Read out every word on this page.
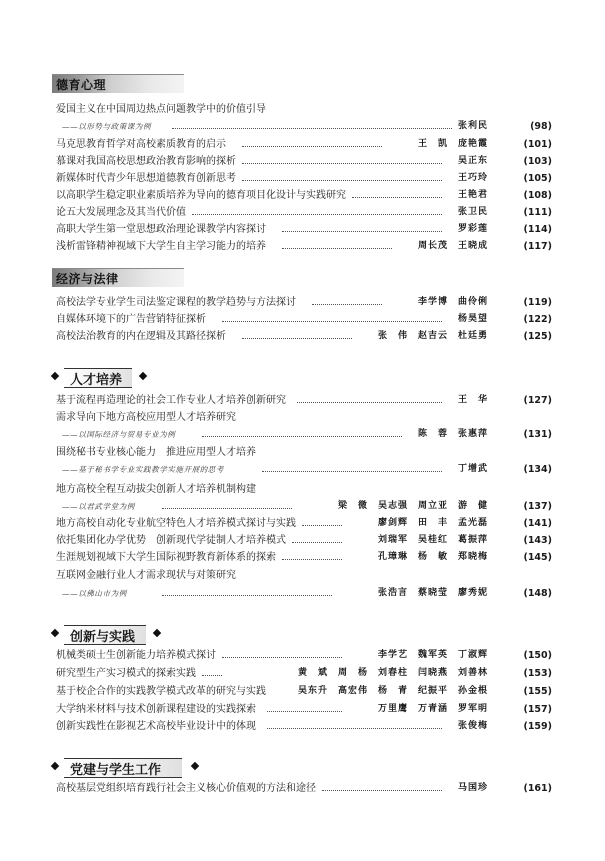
德育心理
爱国主义在中国周边热点问题教学中的价值引导
——以形势与政策课为例	张利民	(98)
马克思教育哲学对高校素质教育的启示	王　凯　庞艳霞	(101)
慕课对我国高校思想政治教育影响的探析	吴正东	(103)
新媒体时代青少年思想道德教育创新思考	王巧玲	(105)
以高职学生稳定职业素质培养为导向的德育项目化设计与实践研究	王艳君	(108)
论五大发展理念及其当代价值	张卫民	(111)
高职大学生第一堂思想政治理论课教学内容探讨	罗彩莲	(114)
浅析雷锋精神视域下大学生自主学习能力的培养	周长茂　王晓成	(117)
经济与法律
高校法学专业学生司法鉴定课程的教学趋势与方法探讨	李学博　曲伶俐	(119)
自媒体环境下的广告营销特征探析	杨昊望	(122)
高校法治教育的内在逻辑及其路径探析	张　伟　赵吉云　杜廷勇	(125)
人才培养
基于流程再造理论的社会工作专业人才培养创新研究	王　华	(127)
需求导向下地方高校应用型人才培养研究
——以国际经济与贸易专业为例	陈　蓉　张惠萍	(131)
围绕秘书专业核心能力　推进应用型人才培养
——基于秘书学专业实践教学实施开展的思考	丁增武	(134)
地方高校全程互动拔尖创新人才培养机制构建
——以君武学堂为例	梁　微　吴志强　周立亚　游　健	(137)
地方高校自动化专业航空特色人才培养模式探讨与实践	廖剑辉　田　丰　孟光磊	(141)
依托集团化办学优势　创新现代学徒制人才培养模式	刘瑞军　吴桂红　葛振萍	(143)
生涯规划视域下大学生国际视野教育新体系的探索	孔璋琳　杨　敏　郑晓梅	(145)
互联网金融行业人才需求现状与对策研究
——以佛山市为例	张浩言　蔡晓莹　廖秀妮	(148)
创新与实践
机械类硕士生创新能力培养模式探讨	李学艺　魏军英　丁淑辉	(150)
研究型生产实习模式的探索实践	黄　斌　周　杨　刘春柱　闫晓燕　刘善林	(153)
基于校企合作的实践教学模式改革的研究与实践	吴东升　高宏伟　杨　青　纪振平　孙金根	(155)
大学纳米材料与技术创新课程建设的实践探索	万里鹰　万青涵　罗军明	(157)
创新实践性在影视艺术高校毕业设计中的体现	张俊梅	(159)
党建与学生工作
高校基层党组织培育践行社会主义核心价值观的方法和途径	马国珍	(161)
